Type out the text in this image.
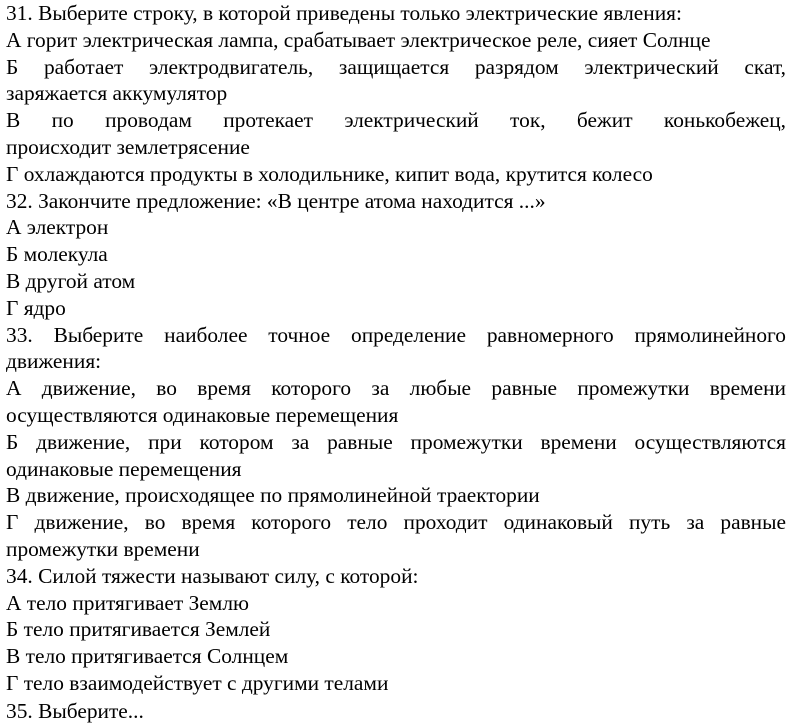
31. Выберите строку, в которой приведены только электрические явления:
А горит электрическая лампа, срабатывает электрическое реле, сияет Солнце
Б работает электродвигатель, защищается разрядом электрический скат,
заряжается аккумулятор
В по проводам протекает электрический ток, бежит конькобежец,
происходит землетрясение
Г охлаждаются продукты в холодильнике, кипит вода, крутится колесо
32. Закончите предложение: «В центре атома находится ...»
А электрон
Б молекула
В другой атом
Г ядро
33. Выберите наиболее точное определение равномерного прямолинейного
движения:
А движение, во время которого за любые равные промежутки времени
осуществляются одинаковые перемещения
Б движение, при котором за равные промежутки времени осуществляются
одинаковые перемещения
В движение, происходящее по прямолинейной траектории
Г движение, во время которого тело проходит одинаковый путь за равные
промежутки времени
34. Силой тяжести называют силу, с которой:
А тело притягивает Землю
Б тело притягивается Землей
В тело притягивается Солнцем
Г тело взаимодействует с другими телами
35. Выберите...
